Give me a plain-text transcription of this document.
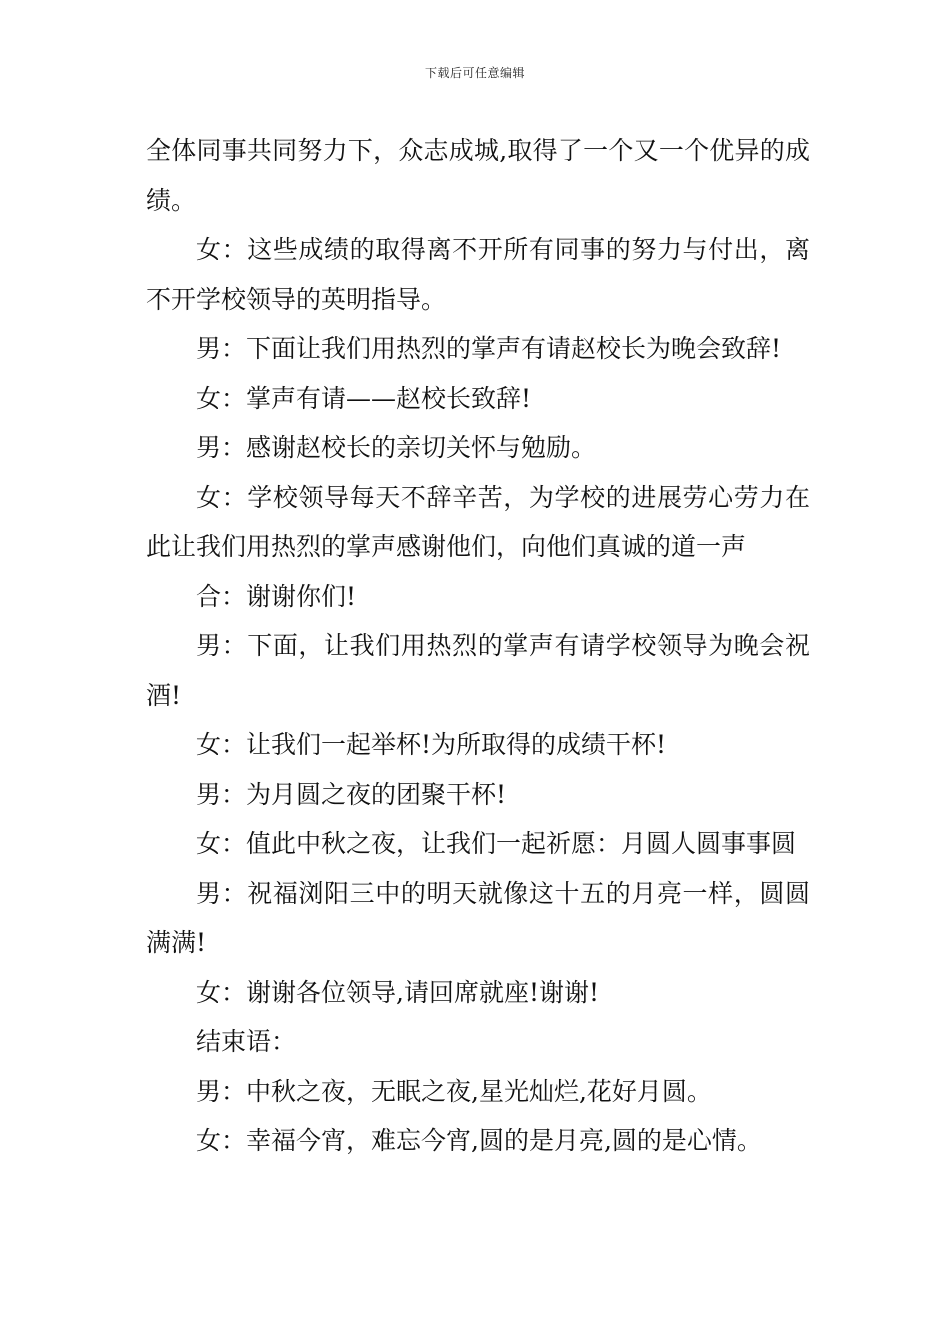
下载后可任意编辑

全体同事共同努力下，众志成城,取得了一个又一个优异的成绩。

女：这些成绩的取得离不开所有同事的努力与付出，离不开学校领导的英明指导。

男：下面让我们用热烈的掌声有请赵校长为晚会致辞!

女：掌声有请——赵校长致辞!

男：感谢赵校长的亲切关怀与勉励。

女：学校领导每天不辞辛苦，为学校的进展劳心劳力在此让我们用热烈的掌声感谢他们，向他们真诚的道一声

合：谢谢你们!

男：下面，让我们用热烈的掌声有请学校领导为晚会祝酒!

女：让我们一起举杯!为所取得的成绩干杯!

男：为月圆之夜的团聚干杯!

女：值此中秋之夜，让我们一起祈愿：月圆人圆事事圆

男：祝福浏阳三中的明天就像这十五的月亮一样，圆圆满满!

女：谢谢各位领导,请回席就座!谢谢!

结束语：

男：中秋之夜，无眠之夜,星光灿烂,花好月圆。

女：幸福今宵，难忘今宵,圆的是月亮,圆的是心情。
